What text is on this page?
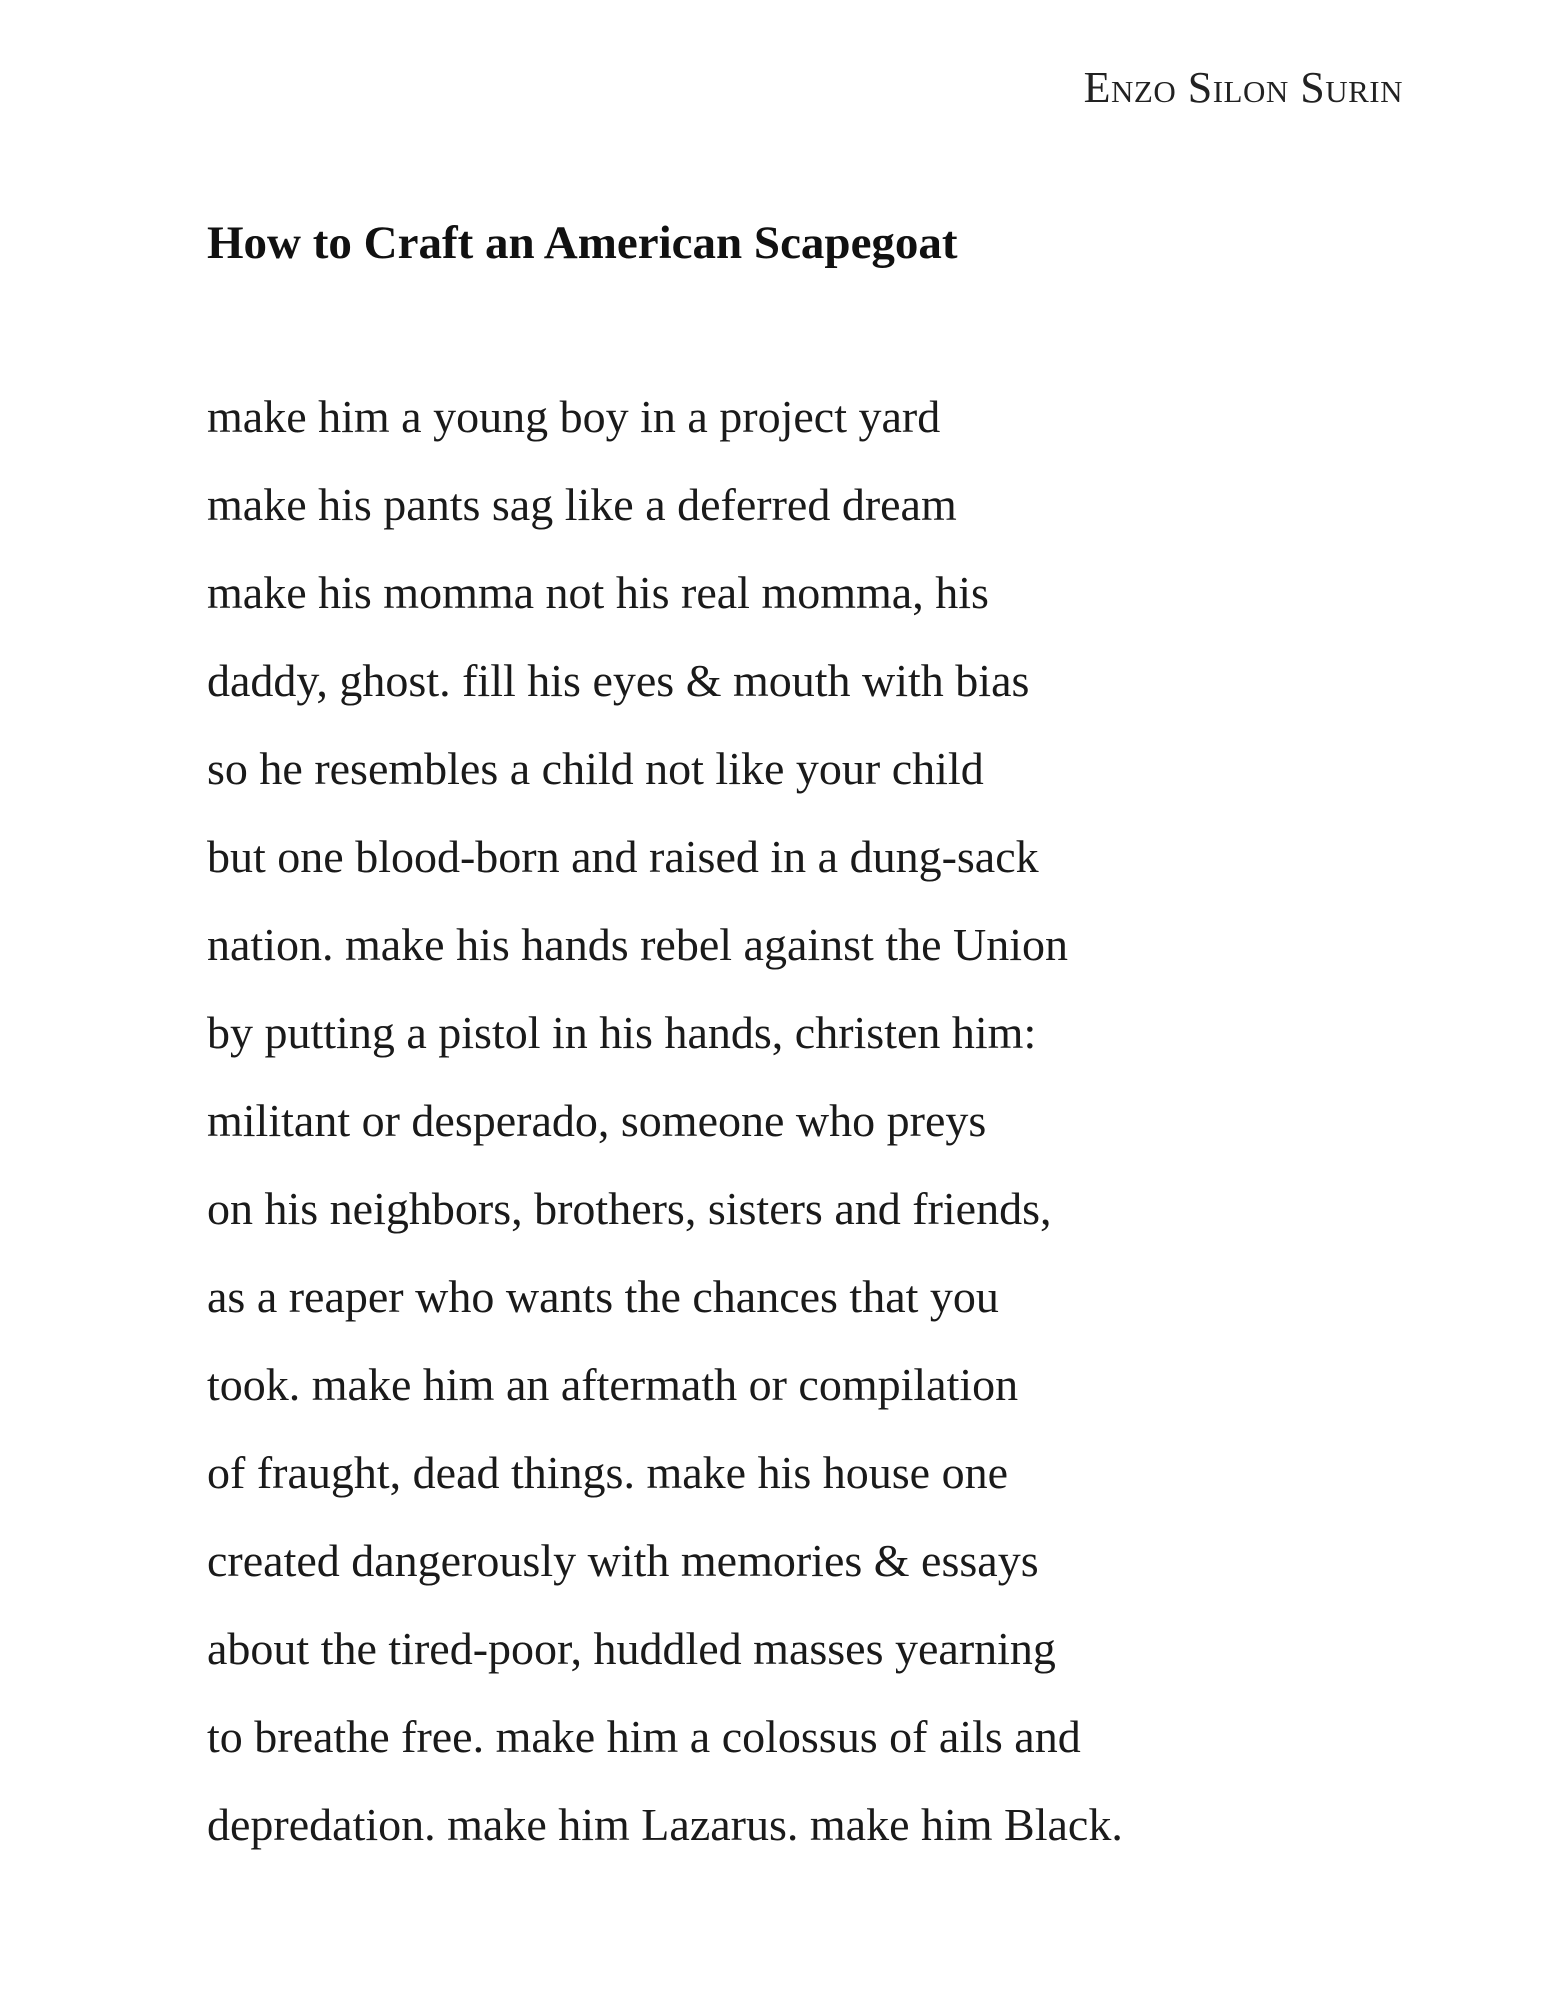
Enzo Silon Surin

How to Craft an American Scapegoat
make him a young boy in a project yard
make his pants sag like a deferred dream
make his momma not his real momma, his
daddy, ghost. fill his eyes & mouth with bias
so he resembles a child not like your child
but one blood-born and raised in a dung-sack
nation. make his hands rebel against the Union
by putting a pistol in his hands, christen him:
militant or desperado, someone who preys
on his neighbors, brothers, sisters and friends,
as a reaper who wants the chances that you
took. make him an aftermath or compilation
of fraught, dead things. make his house one
created dangerously with memories & essays
about the tired-poor, huddled masses yearning
to breathe free. make him a colossus of ails and
depredation. make him Lazarus. make him Black.
